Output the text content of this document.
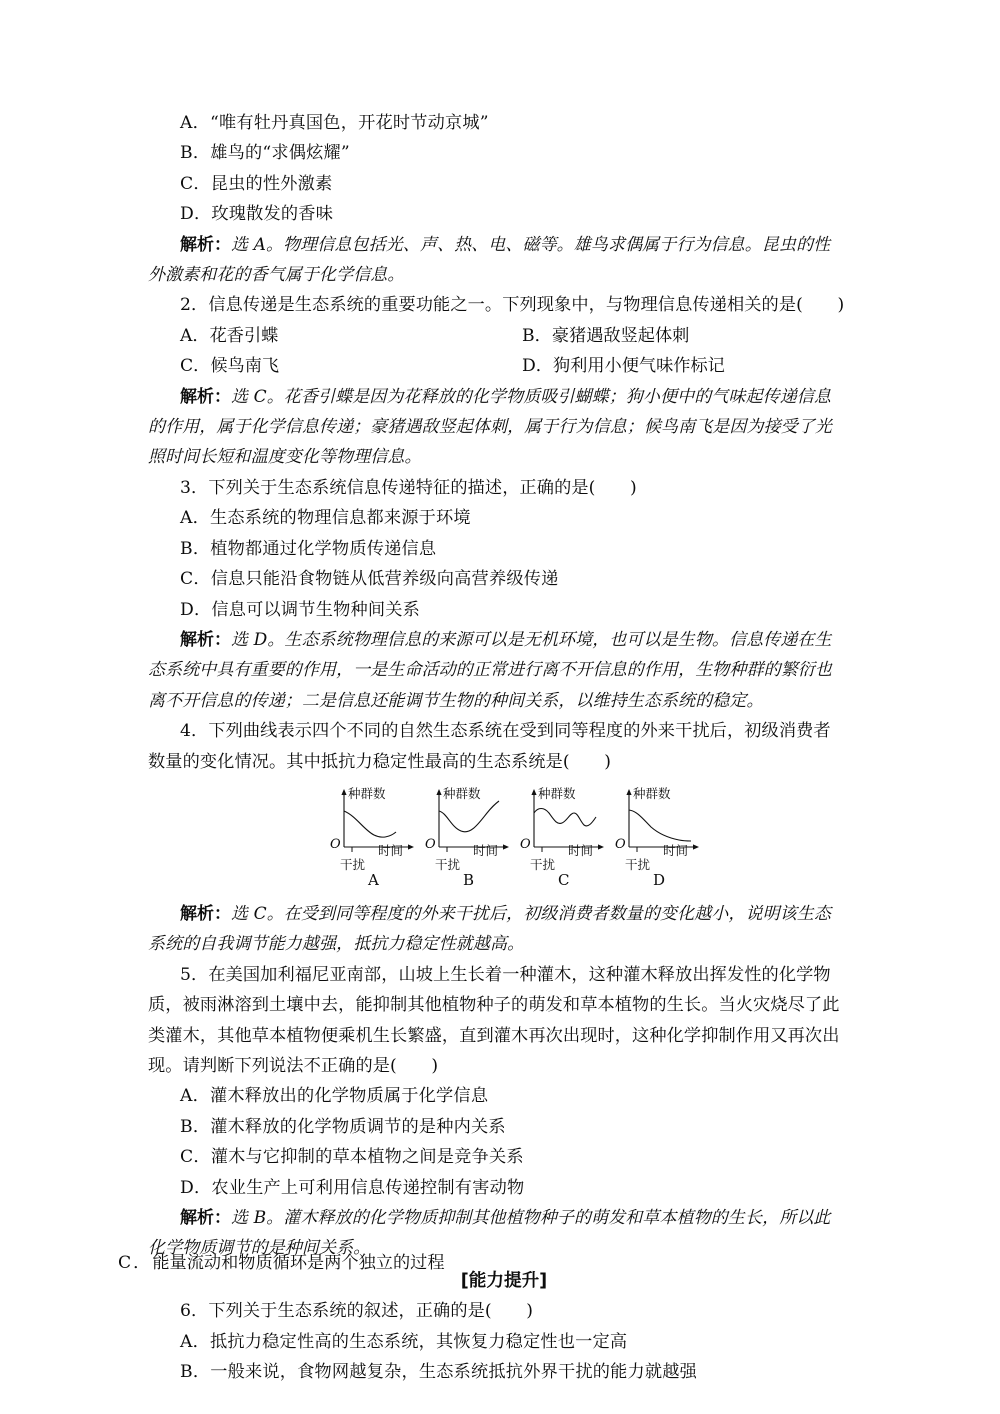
A．“唯有牡丹真国色，开花时节动京城”
B．雄鸟的“求偶炫耀”
C．昆虫的性外激素
D．玫瑰散发的香味
解析：选 A。物理信息包括光、声、热、电、磁等。雄鸟求偶属于行为信息。昆虫的性
外激素和花的香气属于化学信息。
2．信息传递是生态系统的重要功能之一。下列现象中，与物理信息传递相关的是(　　)
A．花香引蝶	B．豪猪遇敌竖起体刺
C．候鸟南飞	D．狗利用小便气味作标记
解析：选 C。花香引蝶是因为花释放的化学物质吸引蝴蝶；狗小便中的气味起传递信息
的作用，属于化学信息传递；豪猪遇敌竖起体刺，属于行为信息；候鸟南飞是因为接受了光
照时间长短和温度变化等物理信息。
3．下列关于生态系统信息传递特征的描述，正确的是(　　)
A．生态系统的物理信息都来源于环境
B．植物都通过化学物质传递信息
C．信息只能沿食物链从低营养级向高营养级传递
D．信息可以调节生物种间关系
解析：选 D。生态系统物理信息的来源可以是无机环境，也可以是生物。信息传递在生
态系统中具有重要的作用，一是生命活动的正常进行离不开信息的作用，生物种群的繁衍也
离不开信息的传递；二是信息还能调节生物的种间关系，以维持生态系统的稳定。
4．下列曲线表示四个不同的自然生态系统在受到同等程度的外来干扰后，初级消费者
数量的变化情况。其中抵抗力稳定性最高的生态系统是(　　)
种群数
O	时间
干扰
A
种群数
O	时间
干扰
B
种群数
O	时间
干扰
C
种群数
O	时间
干扰
D
解析：选 C。在受到同等程度的外来干扰后，初级消费者数量的变化越小，说明该生态
系统的自我调节能力越强，抵抗力稳定性就越高。
5．在美国加利福尼亚南部，山坡上生长着一种灌木，这种灌木释放出挥发性的化学物
质，被雨淋溶到土壤中去，能抑制其他植物种子的萌发和草本植物的生长。当火灾烧尽了此
类灌木，其他草本植物便乘机生长繁盛，直到灌木再次出现时，这种化学抑制作用又再次出
现。请判断下列说法不正确的是(　　)
A．灌木释放出的化学物质属于化学信息
B．灌木释放的化学物质调节的是种内关系
C．灌木与它抑制的草本植物之间是竞争关系
D．农业生产上可利用信息传递控制有害动物
解析：选 B。灌木释放的化学物质抑制其他植物种子的萌发和草本植物的生长，所以此
化学物质调节的是种间关系。
[能力提升]
6．下列关于生态系统的叙述，正确的是(　　)
A．抵抗力稳定性高的生态系统，其恢复力稳定性也一定高
B．一般来说，食物网越复杂，生态系统抵抗外界干扰的能力就越强
C．能量流动和物质循环是两个独立的过程
